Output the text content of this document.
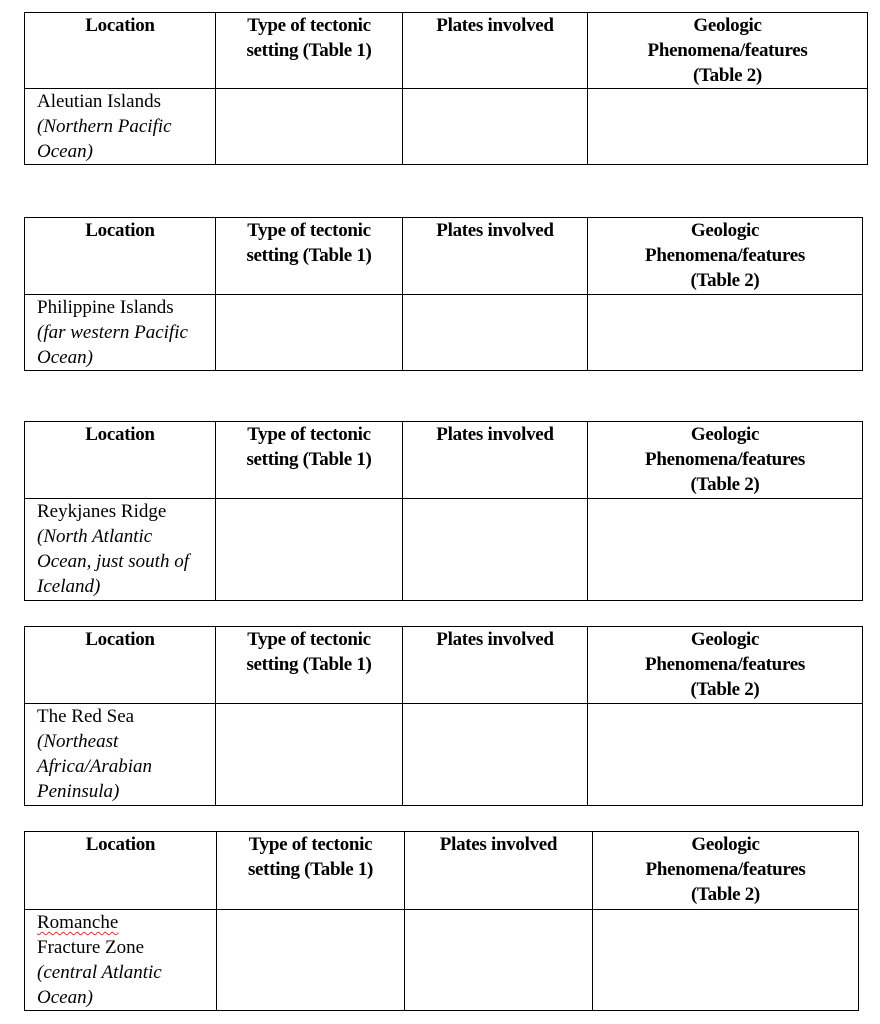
Location	Type of tectonic setting (Table 1)	Plates involved	Geologic
Phenomena/features
(Table 2)
Aleutian Islands
(Northern Pacific Ocean)			
Location	Type of tectonic setting (Table 1)	Plates involved	Geologic
Phenomena/features
(Table 2)
Philippine Islands
(far western Pacific Ocean)			
Location	Type of tectonic setting (Table 1)	Plates involved	Geologic
Phenomena/features
(Table 2)
Reykjanes Ridge
(North Atlantic Ocean, just south of Iceland)			
Location	Type of tectonic setting (Table 1)	Plates involved	Geologic
Phenomena/features
(Table 2)
The Red Sea
(Northeast Africa/Arabian Peninsula)			
Location	Type of tectonic setting (Table 1)	Plates involved	Geologic
Phenomena/features
(Table 2)
Romanche
Fracture Zone
(central Atlantic Ocean)			
